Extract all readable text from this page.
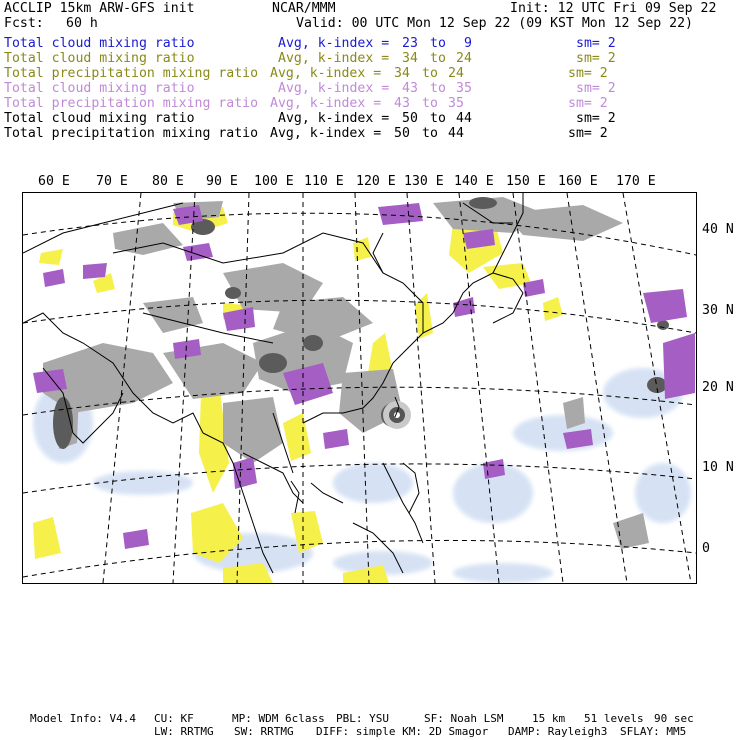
ACCLIP 15km ARW-GFS init	NCAR/MMM	Init: 12 UTC Fri 09 Sep 22
Fcst: 60 h	Valid: 00 UTC Mon 12 Sep 22 (09 KST Mon 12 Sep 22)
Total cloud mixing ratio	Avg, k-index = 23 to 9	sm= 2
Total cloud mixing ratio	Avg, k-index = 34 to 24	sm= 2
Total precipitation mixing ratio Avg, k-index = 34 to 24	sm= 2
Total cloud mixing ratio	Avg, k-index = 43 to 35	sm= 2
Total precipitation mixing ratio Avg, k-index = 43 to 35	sm= 2
Total cloud mixing ratio	Avg, k-index = 50 to 44	sm= 2
Total precipitation mixing ratio Avg, k-index = 50 to 44	sm= 2
60 E 70 E 80 E 90 E 100 E 110 E 120 E 130 E 140 E 150 E 160 E 170 E
40 N
30 N
20 N
10 N
0
Model Info: V4.4 CU: KF	MP: WDM 6class PBL: YSU	SF: Noah LSM	15 km 51 levels 90 sec
LW: RRTMG SW: RRTMG DIFF: simple KM: 2D Smagor DAMP: Rayleigh3 SFLAY: MM5
